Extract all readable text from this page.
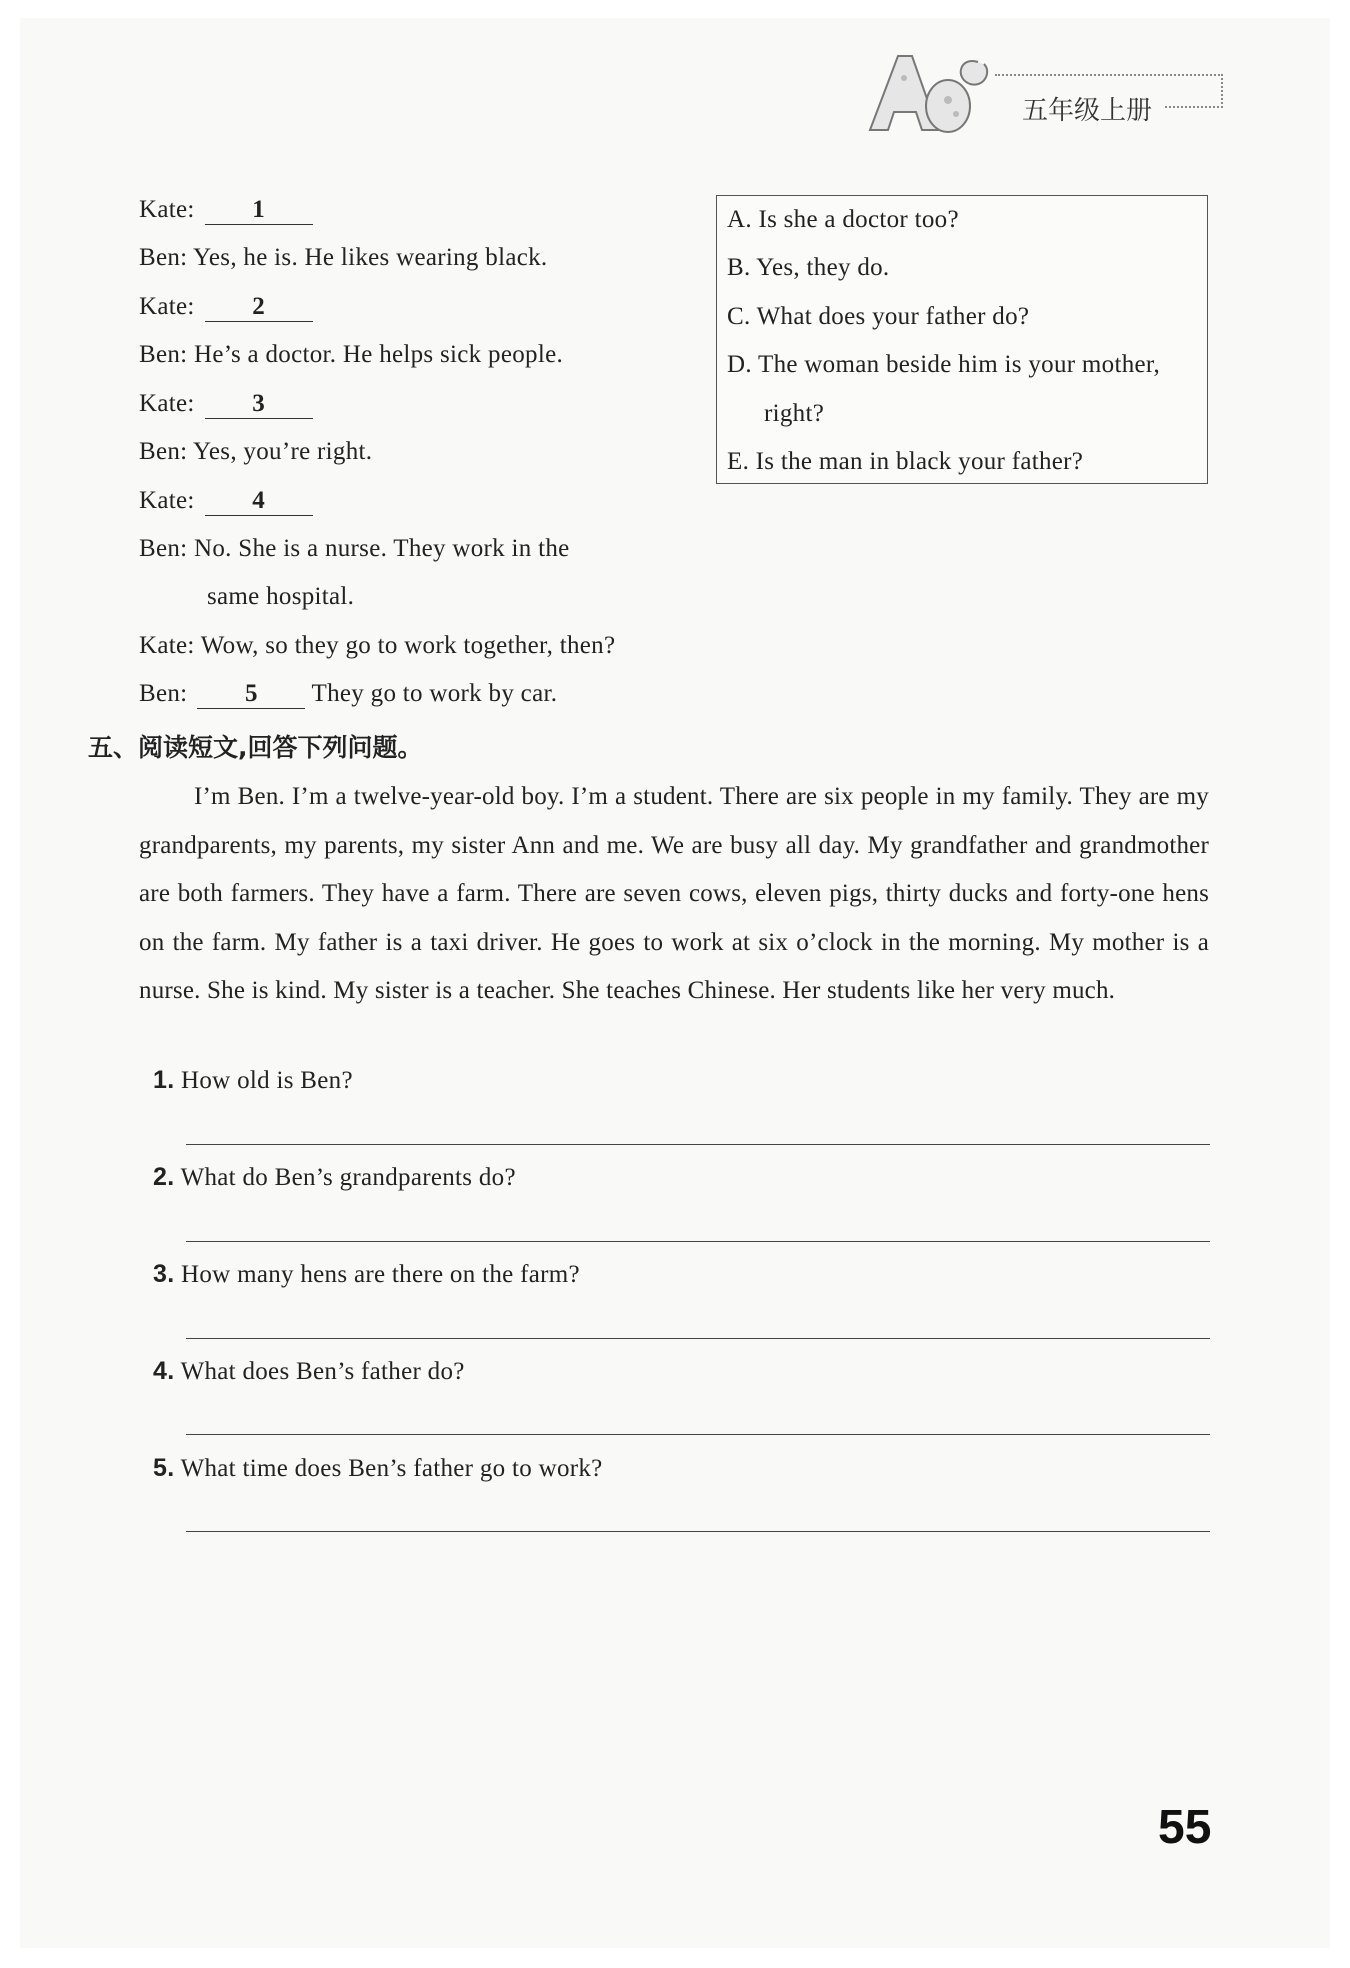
五年级上册
Kate: 1
Ben: Yes, he is. He likes wearing black.
Kate: 2
Ben: He’s a doctor. He helps sick people.
Kate: 3
Ben: Yes, you’re right.
Kate: 4
Ben: No. She is a nurse. They work in the
same hospital.
Kate: Wow, so they go to work together, then?
Ben: 5 They go to work by car.
A. Is she a doctor too?
B. Yes, they do.
C. What does your father do?
D. The woman beside him is your mother,
right?
E. Is the man in black your father?
五、阅读短文,回答下列问题。
I’m Ben. I’m a twelve-year-old boy. I’m a student. There are six people in my family. They are my grandparents, my parents, my sister Ann and me. We are busy all day. My grandfather and grandmother are both farmers. They have a farm. There are seven cows, eleven pigs, thirty ducks and forty-one hens on the farm. My father is a taxi driver. He goes to work at six o’clock in the morning. My mother is a nurse. She is kind. My sister is a teacher. She teaches Chinese. Her students like her very much.
1. How old is Ben?
2. What do Ben’s grandparents do?
3. How many hens are there on the farm?
4. What does Ben’s father do?
5. What time does Ben’s father go to work?
55
